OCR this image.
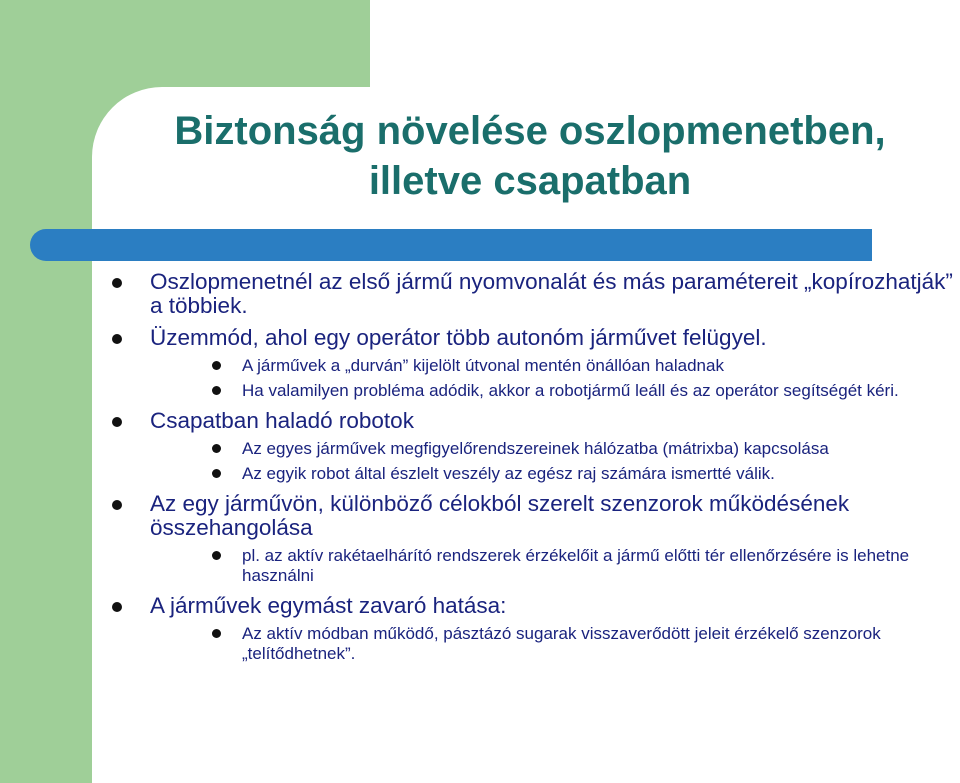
Biztonság növelése oszlopmenetben,
illetve csapatban
Oszlopmenetnél az első jármű nyomvonalát és más paramétereit „kopírozhatják” a többiek.
Üzemmód, ahol egy operátor több autonóm járművet felügyel.
A járművek a „durván” kijelölt útvonal mentén önállóan haladnak
Ha valamilyen probléma adódik, akkor a robotjármű leáll és az operátor segítségét kéri.
Csapatban haladó robotok
Az egyes járművek megfigyelőrendszereinek hálózatba (mátrixba) kapcsolása
Az egyik robot által észlelt veszély az egész raj számára ismertté válik.
Az egy járművön, különböző célokból szerelt szenzorok működésének összehangolása
pl. az aktív rakétaelhárító rendszerek érzékelőit a jármű előtti tér ellenőrzésére is lehetne használni
A járművek egymást zavaró hatása:
Az aktív módban működő, pásztázó sugarak visszaverődött jeleit érzékelő szenzorok „telítődhetnek”.
